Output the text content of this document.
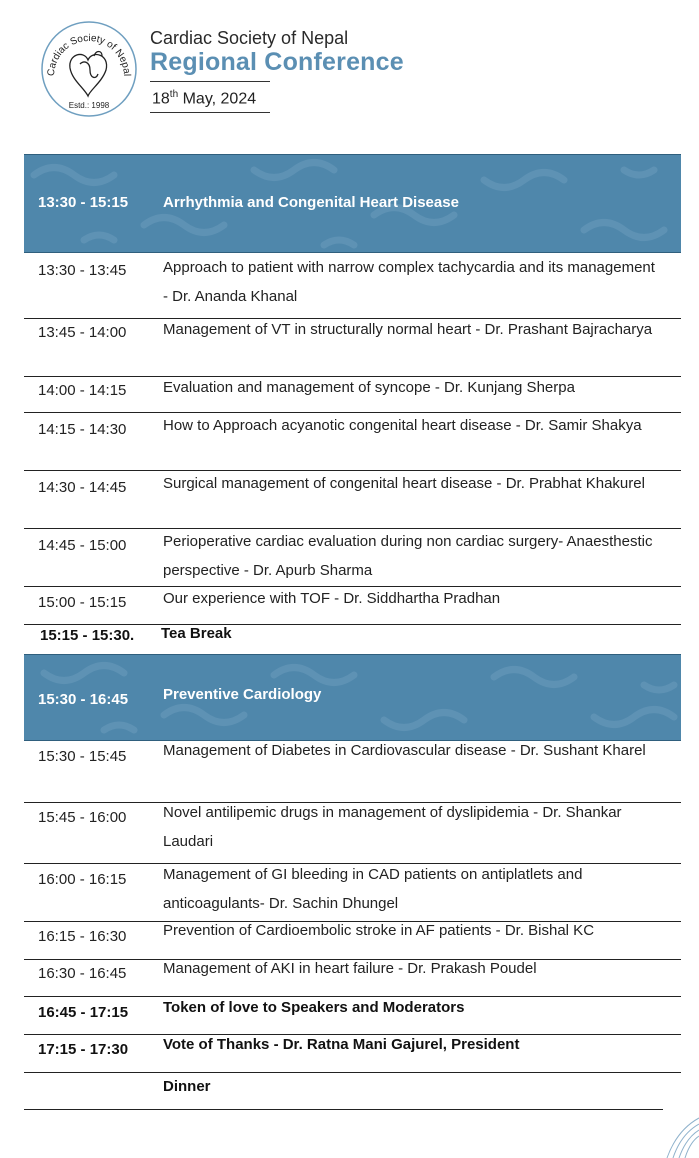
Cardiac Society of Nepal
Estd.: 1998
Cardiac Society of Nepal
Regional Conference
18th May, 2024
13:30 - 15:15 Arrhythmia and Congenital Heart Disease
13:30 - 13:45 Approach to patient with narrow complex tachycardia and its management - Dr. Ananda Khanal
13:45 - 14:00 Management of VT in structurally normal heart - Dr. Prashant Bajracharya
14:00 - 14:15 Evaluation and management of syncope - Dr. Kunjang Sherpa
14:15 - 14:30 How to Approach acyanotic congenital heart disease - Dr. Samir Shakya
14:30 - 14:45 Surgical management of congenital heart disease - Dr. Prabhat Khakurel
14:45 - 15:00 Perioperative cardiac evaluation during non cardiac surgery- Anaesthestic perspective - Dr. Apurb Sharma
15:00 - 15:15 Our experience with TOF - Dr. Siddhartha Pradhan
15:15 - 15:30. Tea Break
15:30 - 16:45 Preventive Cardiology
15:30 - 15:45 Management of Diabetes in Cardiovascular disease - Dr. Sushant Kharel
15:45 - 16:00 Novel antilipemic drugs in management of dyslipidemia - Dr. Shankar Laudari
16:00 - 16:15 Management of GI bleeding in CAD patients on antiplatlets and anticoagulants- Dr. Sachin Dhungel
16:15 - 16:30 Prevention of Cardioembolic stroke in AF patients - Dr. Bishal KC
16:30 - 16:45 Management of AKI in heart failure - Dr. Prakash Poudel
16:45 - 17:15 Token of love to Speakers and Moderators
17:15 - 17:30 Vote of Thanks - Dr. Ratna Mani Gajurel, President
Dinner
